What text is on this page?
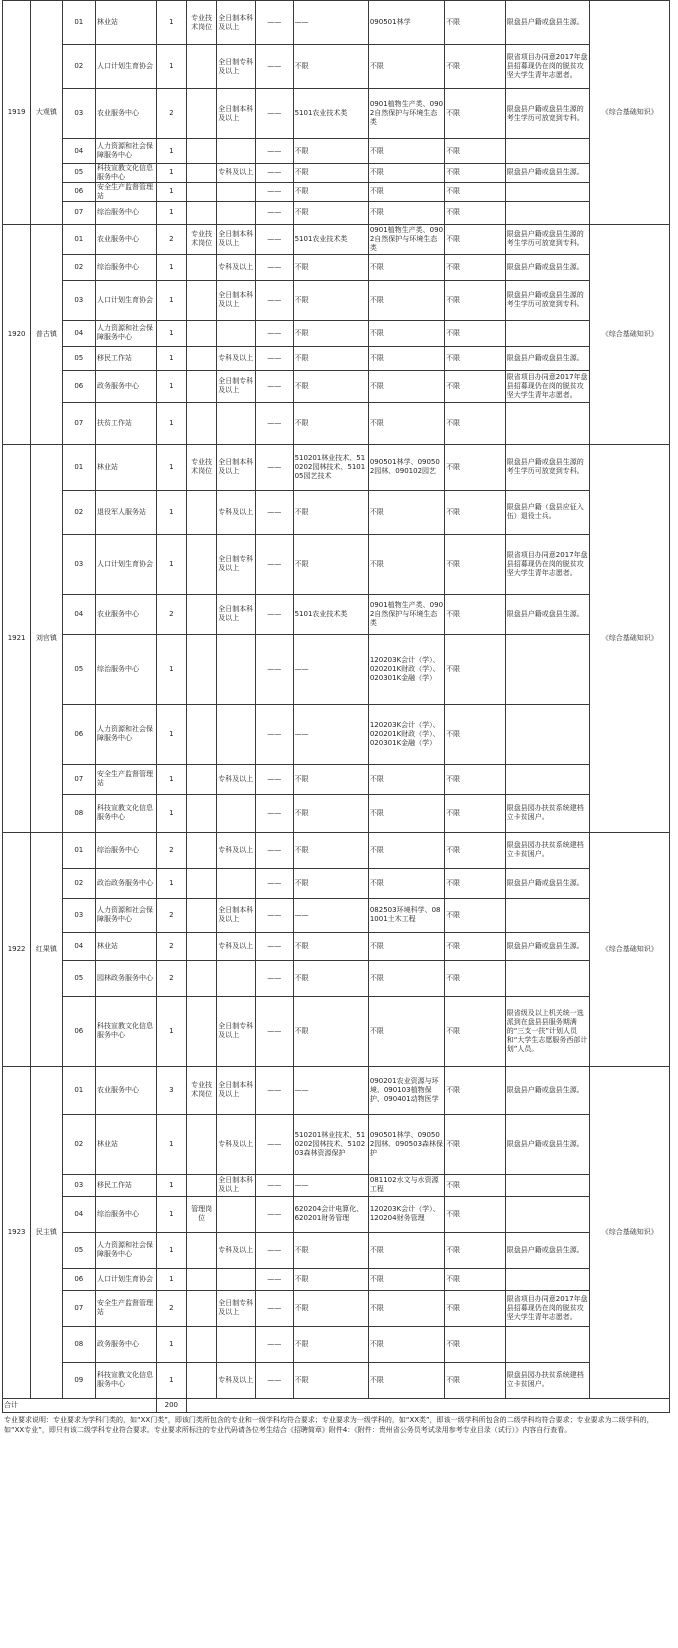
1919	大观镇	01	林业站	1	专业技术岗位	全日制本科及以上	——	——	090501林学	不限	限盘县户籍或盘县生源。	《综合基础知识》
		02	人口计划生育协会	1		全日制专科及以上	——	不限	不限	不限	限省项目办同意2017年盘县招募现仍在岗的脱贫攻坚大学生青年志愿者。	
		03	农业服务中心	2		全日制本科及以上	——	5101农业技术类	0901植物生产类、0902自然保护与环境生态类	不限	限盘县户籍或盘县生源的考生学历可放宽到专科。	
		04	人力资源和社会保障服务中心	1			——	不限	不限	不限		
		05	科技宣教文化信息服务中心	1		专科及以上	——	不限	不限	不限	限盘县户籍或盘县生源。	
		06	安全生产监督管理站	1			——	不限	不限	不限		
		07	综治服务中心	1			——	不限	不限	不限		
1920	普古镇	01	农业服务中心	2	专业技术岗位	全日制本科及以上	——	5101农业技术类	0901植物生产类、0902自然保护与环境生态类	不限	限盘县户籍或盘县生源的考生学历可放宽到专科。	《综合基础知识》
		02	综治服务中心	1		专科及以上	——	不限	不限	不限	限盘县户籍或盘县生源。	
		03	人口计划生育协会	1		全日制本科及以上	——	不限	不限	不限	限盘县户籍或盘县生源的考生学历可放宽到专科。	
		04	人力资源和社会保障服务中心	1			——	不限	不限	不限		
		05	移民工作站	1		专科及以上	——	不限	不限	不限	限盘县户籍或盘县生源。	
		06	政务服务中心	1		全日制专科及以上	——	不限	不限	不限	限省项目办同意2017年盘县招募现仍在岗的脱贫攻坚大学生青年志愿者。	
		07	扶贫工作站	1			——	不限	不限	不限		
1921	刘官镇	01	林业站	1	专业技术岗位	全日制本科及以上	——	510201林业技术、510202园林技术、510105园艺技术	090501林学、090502园林、090102园艺	不限	限盘县户籍或盘县生源的考生学历可放宽到专科。	《综合基础知识》
		02	退役军人服务站	1		专科及以上	——	不限	不限	不限	限盘县户籍（盘县应征入伍）退役士兵。	
		03	人口计划生育协会	1		全日制专科及以上	——	不限	不限	不限	限省项目办同意2017年盘县招募现仍在岗的脱贫攻坚大学生青年志愿者。	
		04	农业服务中心	2		全日制本科及以上	——	5101农业技术类	0901植物生产类、0902自然保护与环境生态类	不限	限盘县户籍或盘县生源。	
		05	综治服务中心	1			——	——	120203K会计（学）、020201K财政（学）、020301K金融（学）	不限		
		06	人力资源和社会保障服务中心	1			——	——	120203K会计（学）、020201K财政（学）、020301K金融（学）	不限		
		07	安全生产监督管理站	1		专科及以上	——	不限	不限	不限		
		08	科技宣教文化信息服务中心	1			——	不限	不限	不限	限盘县园办扶贫系统建档立卡贫困户。	
1922	红果镇	01	综治服务中心	2		专科及以上	——	不限	不限	不限	限盘县园办扶贫系统建档立卡贫困户。	《综合基础知识》
		02	政治政务服务中心	1			——	不限	不限	不限	限盘县户籍或盘县生源。	
		03	人力资源和社会保障服务中心	2		全日制本科及以上	——	——	082503环境科学、081001土木工程	不限		
		04	林业站	2		专科及以上	——	不限	不限	不限	限盘县户籍或盘县生源。	
		05	园林政务服务中心	2			——	不限	不限	不限		
		06	科技宣教文化信息服务中心	1		全日制专科及以上	——	不限	不限	不限	限省级及以上机关统一选派到在盘县县服务期满的“三支一扶”计划人员和“大学生志愿服务西部计划”人员。	
1923	民主镇	01	农业服务中心	3	专业技术岗位	全日制本科及以上	——	——	090201农业资源与环境、090103植物保护、090401动物医学	不限	限盘县户籍或盘县生源。	《综合基础知识》
		02	林业站	1		专科及以上	——	510201林业技术、510202园林技术、510203森林资源保护	090501林学、090502园林、090503森林保护	不限	限盘县户籍或盘县生源。	
		03	移民工作站	1		全日制本科及以上	——	——	081102水文与水资源工程	不限		
		04	综治服务中心	1	管理岗位		——	620204会计电算化、620201财务管理	120203K会计（学）、120204财务管理	不限		
		05	人力资源和社会保障服务中心	1		专科及以上	——	不限	不限	不限	限盘县户籍或盘县生源。	
		06	人口计划生育协会	1			——	不限	不限	不限		
		07	安全生产监督管理站	2		全日制专科及以上	——	不限	不限	不限	限省项目办同意2017年盘县招募现仍在岗的脱贫攻坚大学生青年志愿者。	
		08	政务服务中心	1			——	不限	不限	不限		
		09	科技宣教文化信息服务中心	1		专科及以上	——	不限	不限	不限	限盘县园办扶贫系统建档立卡贫困户。	
合计				200								
专业要求说明：专业要求为学科门类的，如“XX门类”，即该门类所包含的专业和一级学科均符合要求；专业要求为一级学科的，如“XX类”，即该一级学科所包含的二级学科均符合要求；专业要求为二级学科的，如“XX专业”，即只有该二级学科专业符合要求。专业要求所标注的专业代码请各位考生结合《招聘简章》附件4：《附件：贵州省公务员考试录用参考专业目录（试行）》内容自行查看。
